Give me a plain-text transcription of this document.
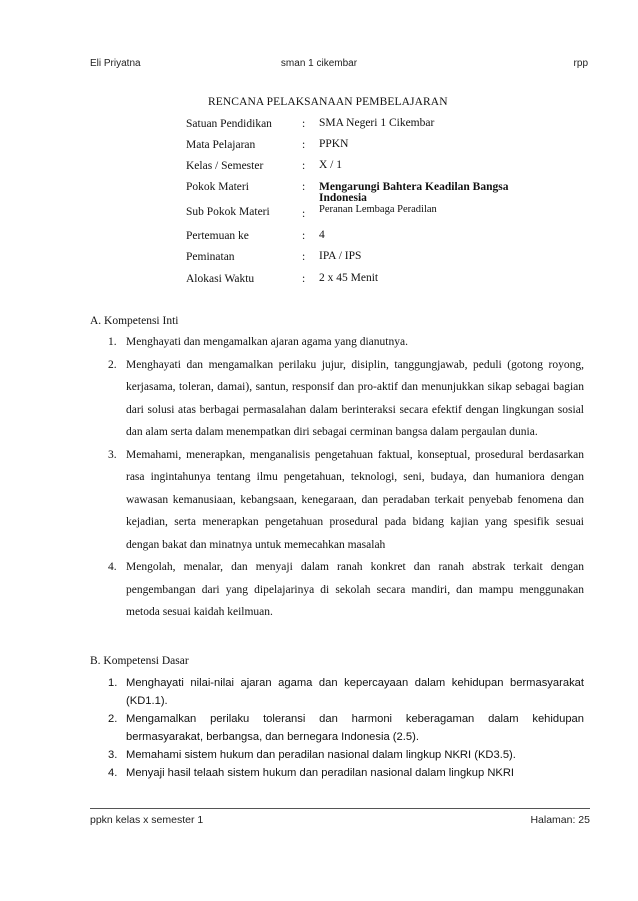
Eli Priyatna	sman 1 cikembar	rpp
RENCANA PELAKSANAAN PEMBELAJARAN
Satuan Pendidikan	: SMA Negeri 1 Cikembar
Mata Pelajaran	: PPKN
Kelas / Semester	: X / 1
Pokok Materi	: Mengarungi Bahtera Keadilan Bangsa Indonesia
Sub Pokok Materi	: Peranan Lembaga Peradilan
Pertemuan ke	: 4
Peminatan	: IPA / IPS
Alokasi Waktu	: 2 x 45 Menit
A. Kompetensi Inti
1. Menghayati dan mengamalkan ajaran agama yang dianutnya.
2. Menghayati dan mengamalkan perilaku jujur, disiplin, tanggungjawab, peduli (gotong royong, kerjasama, toleran, damai), santun, responsif dan pro-aktif dan menunjukkan sikap sebagai bagian dari solusi atas berbagai permasalahan dalam berinteraksi secara efektif dengan lingkungan sosial dan alam serta dalam menempatkan diri sebagai cerminan bangsa dalam pergaulan dunia.
3. Memahami, menerapkan, menganalisis pengetahuan faktual, konseptual, prosedural berdasarkan rasa ingintahunya tentang ilmu pengetahuan, teknologi, seni, budaya, dan humaniora dengan wawasan kemanusiaan, kebangsaan, kenegaraan, dan peradaban terkait penyebab fenomena dan kejadian, serta menerapkan pengetahuan prosedural pada bidang kajian yang spesifik sesuai dengan bakat dan minatnya untuk memecahkan masalah
4. Mengolah, menalar, dan menyaji dalam ranah konkret dan ranah abstrak terkait dengan pengembangan dari yang dipelajarinya di sekolah secara mandiri, dan mampu menggunakan metoda sesuai kaidah keilmuan.
B. Kompetensi Dasar
1. Menghayati nilai-nilai ajaran agama dan kepercayaan dalam kehidupan bermasyarakat (KD1.1).
2. Mengamalkan perilaku toleransi dan harmoni keberagaman dalam kehidupan bermasyarakat, berbangsa, dan bernegara Indonesia (2.5).
3. Memahami sistem hukum dan peradilan nasional dalam lingkup NKRI (KD3.5).
4. Menyaji hasil telaah sistem hukum dan peradilan nasional dalam lingkup NKRI
ppkn kelas x semester 1	Halaman: 25
